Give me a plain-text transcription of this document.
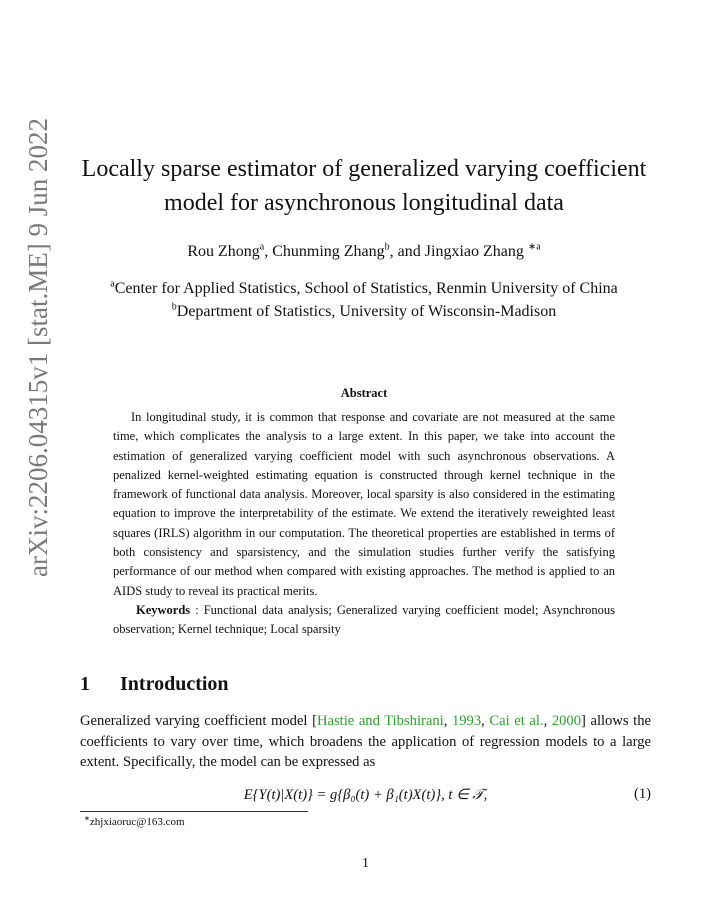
arXiv:2206.04315v1 [stat.ME] 9 Jun 2022 Locally sparse estimator of generalized varying coefficient
model for asynchronous longitudinal data
Rou Zhong$^a$, Chunming Zhang$^b$, and Jingxiao Zhang $^{∗a}$
$^a$Center for Applied Statistics, School of Statistics, Renmin University of China
$^b$Department of Statistics, University of Wisconsin-Madison
Abstract

In longitudinal study, it is common that response and covariate are not measured at the same time, which complicates the analysis to a large extent. In this paper, we take into account the estimation of generalized varying coefficient model with such asynchronous observations. A penalized kernel-weighted estimating equation is constructed through kernel technique in the framework of functional data analysis. Moreover, local sparsity is also considered in the estimating equation to improve the interpretability of the estimate. We extend the iteratively reweighted least squares (IRLS) algorithm in our computation. The theoretical properties are established in terms of both consistency and sparsistency, and the simulation studies further verify the satisfying performance of our method when compared with existing approaches. The method is applied to an AIDS study to reveal its practical merits.

Keywords : Functional data analysis; Generalized varying coefficient model; Asynchronous observation; Kernel technique; Local sparsity

1 Introduction

Generalized varying coefficient model [Hastie and Tibshirani, 1993, Cai et al., 2000] allows the coefficients to vary over time, which broadens the application of regression models to a large extent. Specifically, the model can be expressed as

E{Y(t)|X(t)} = g{β₀(t) + β₁(t)X(t)}, t ∈ 𝒯,	(1)
∗zhjxiaoruc@163.com
1
